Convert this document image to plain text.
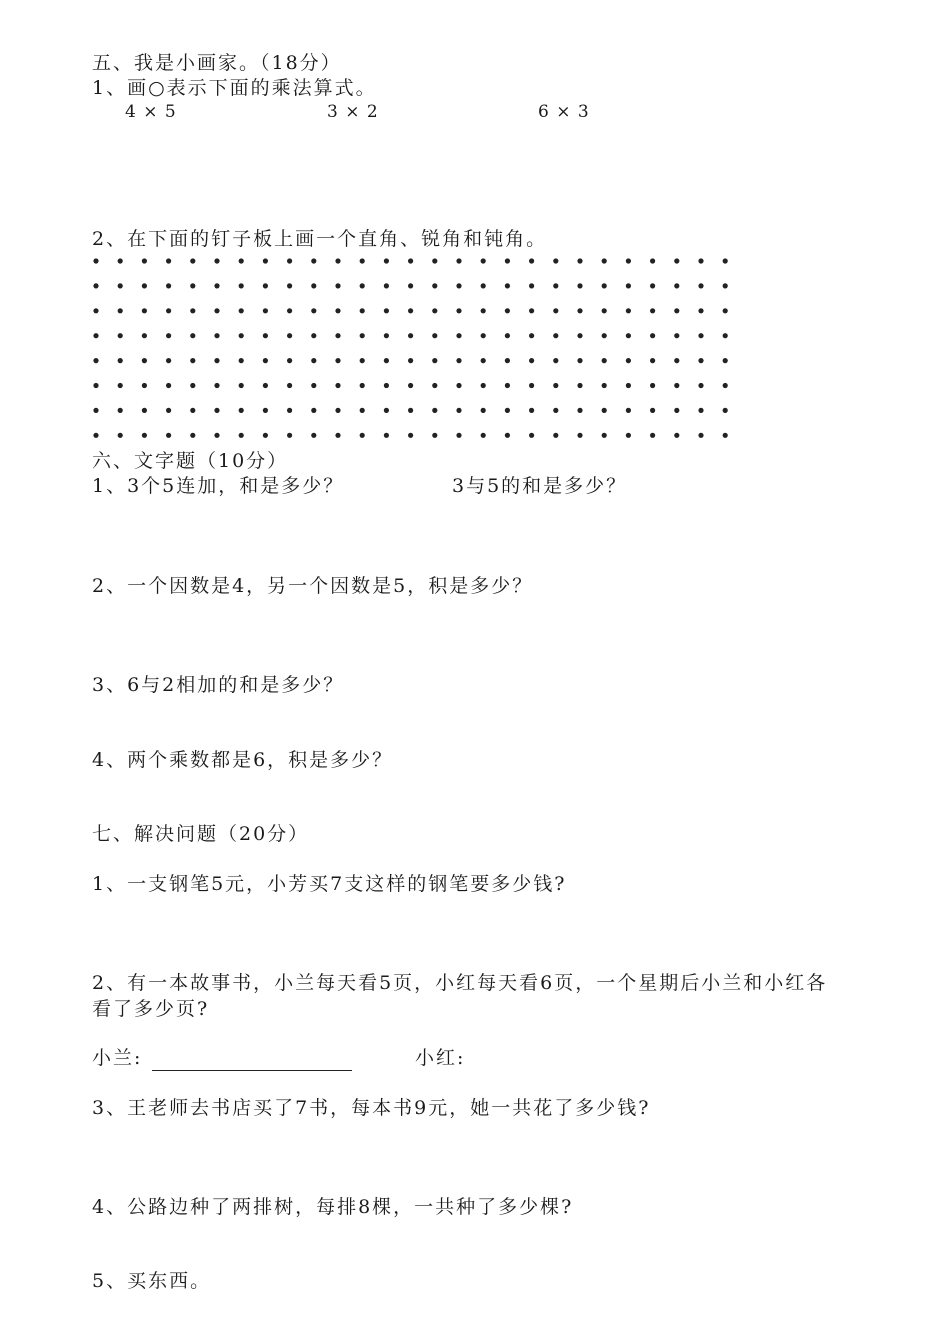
五、我是小画家。（18分）
1、画○表示下面的乘法算式。
4 × 5	3 × 2	6 × 3
2、在下面的钉子板上画一个直角、锐角和钝角。
六、文字题（10分）
1、3个5连加，和是多少？	3与5的和是多少？
2、一个因数是4，另一个因数是5，积是多少？
3、6与2相加的和是多少？
4、两个乘数都是6，积是多少？
七、解决问题（20分）
1、一支钢笔5元，小芳买7支这样的钢笔要多少钱?
2、有一本故事书，小兰每天看5页，小红每天看6页，一个星期后小兰和小红各
看了多少页?
小兰:	小红:
3、王老师去书店买了7书，每本书9元，她一共花了多少钱?
4、公路边种了两排树，每排8棵，一共种了多少棵?
5、买东西。
